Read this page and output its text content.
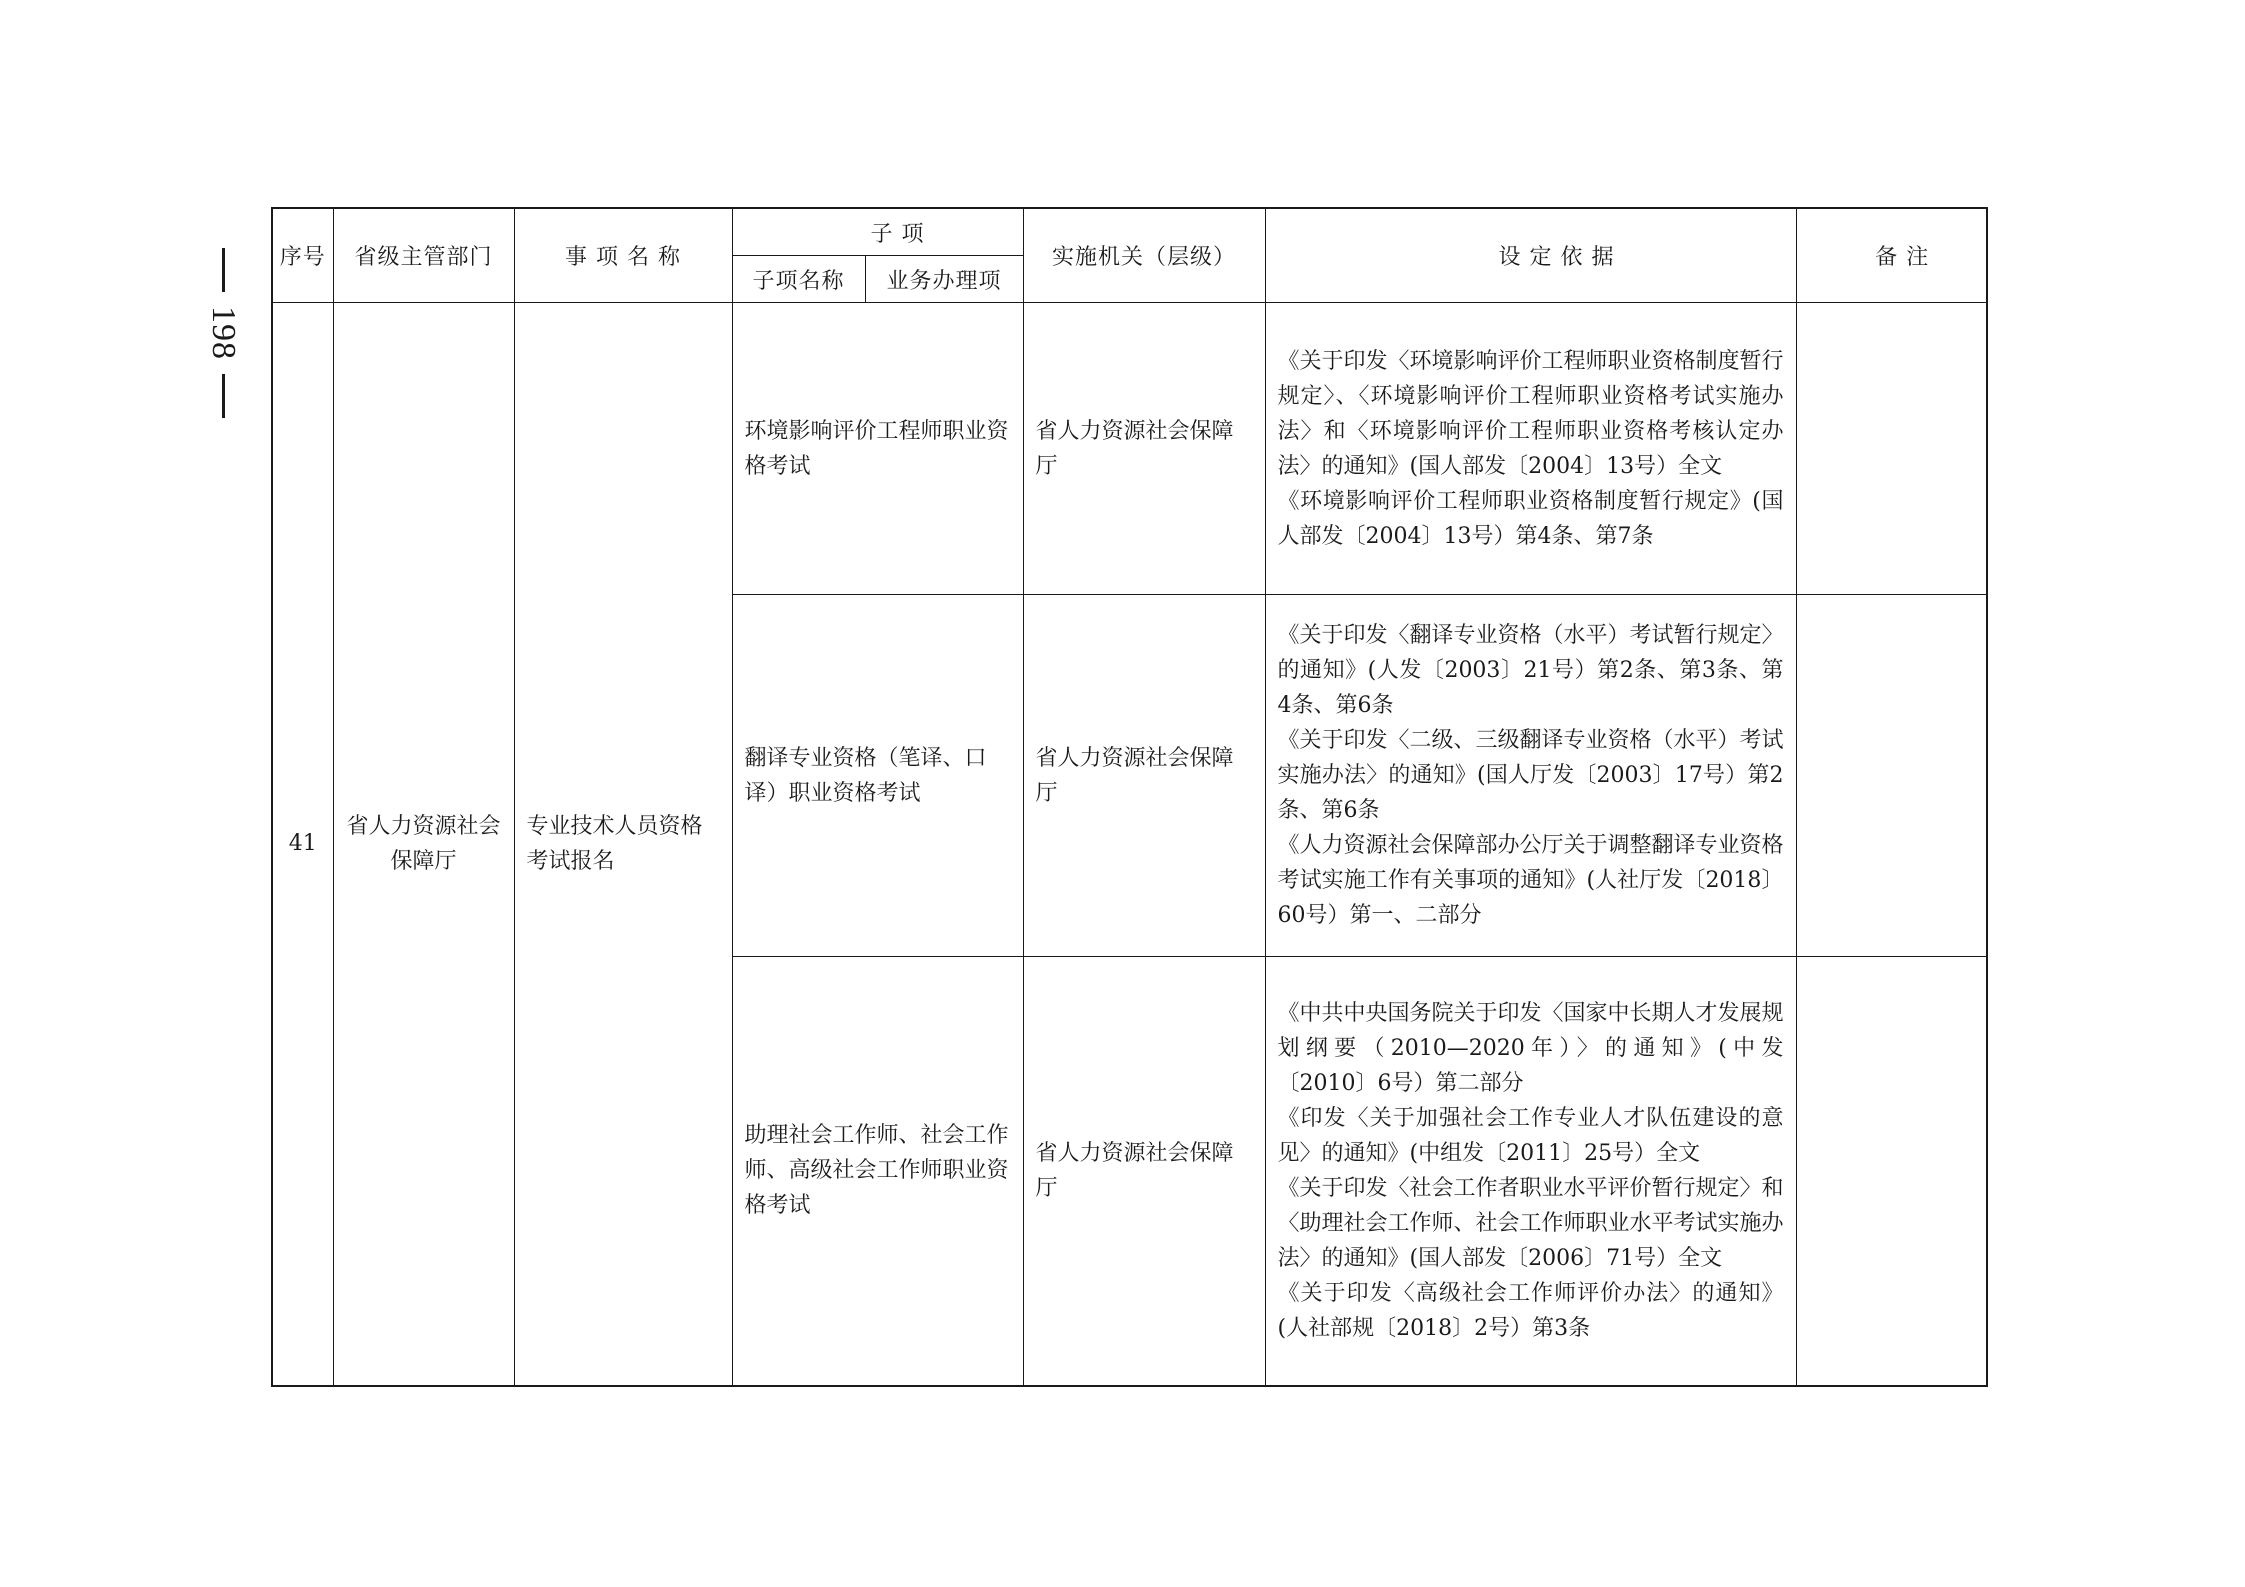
198
序号	省级主管部门	事 项 名 称	子 项		实施机关（层级）	设 定 依 据	备 注
			子项名称	业务办理项			
41	省人力资源社会保障厅	专业技术人员资格考试报名	环境影响评价工程师职业资格考试		省人力资源社会保障厅	《关于印发〈环境影响评价工程师职业资格制度暂行规定〉、〈环境影响评价工程师职业资格考试实施办法〉和〈环境影响评价工程师职业资格考核认定办法〉的通知》(国人部发〔2004〕13号）全文
《环境影响评价工程师职业资格制度暂行规定》(国人部发〔2004〕13号）第4条、第7条	

			翻译专业资格（笔译、口译）职业资格考试		省人力资源社会保障厅	《关于印发〈翻译专业资格（水平）考试暂行规定〉的通知》(人发〔2003〕21号）第2条、第3条、第4条、第6条
《关于印发〈二级、三级翻译专业资格（水平）考试实施办法〉的通知》(国人厅发〔2003〕17号）第2条、第6条
《人力资源社会保障部办公厅关于调整翻译专业资格考试实施工作有关事项的通知》(人社厅发〔2018〕60号）第一、二部分	

			助理社会工作师、社会工作师、高级社会工作师职业资格考试		省人力资源社会保障厅	《中共中央国务院关于印发〈国家中长期人才发展规划纲要（2010—2020年）〉的通知》(中发〔2010〕6号）第二部分
《印发〈关于加强社会工作专业人才队伍建设的意见〉的通知》(中组发〔2011〕25号）全文
《关于印发〈社会工作者职业水平评价暂行规定〉和〈助理社会工作师、社会工作师职业水平考试实施办法〉的通知》(国人部发〔2006〕71号）全文
《关于印发〈高级社会工作师评价办法〉的通知》(人社部规〔2018〕2号）第3条	
